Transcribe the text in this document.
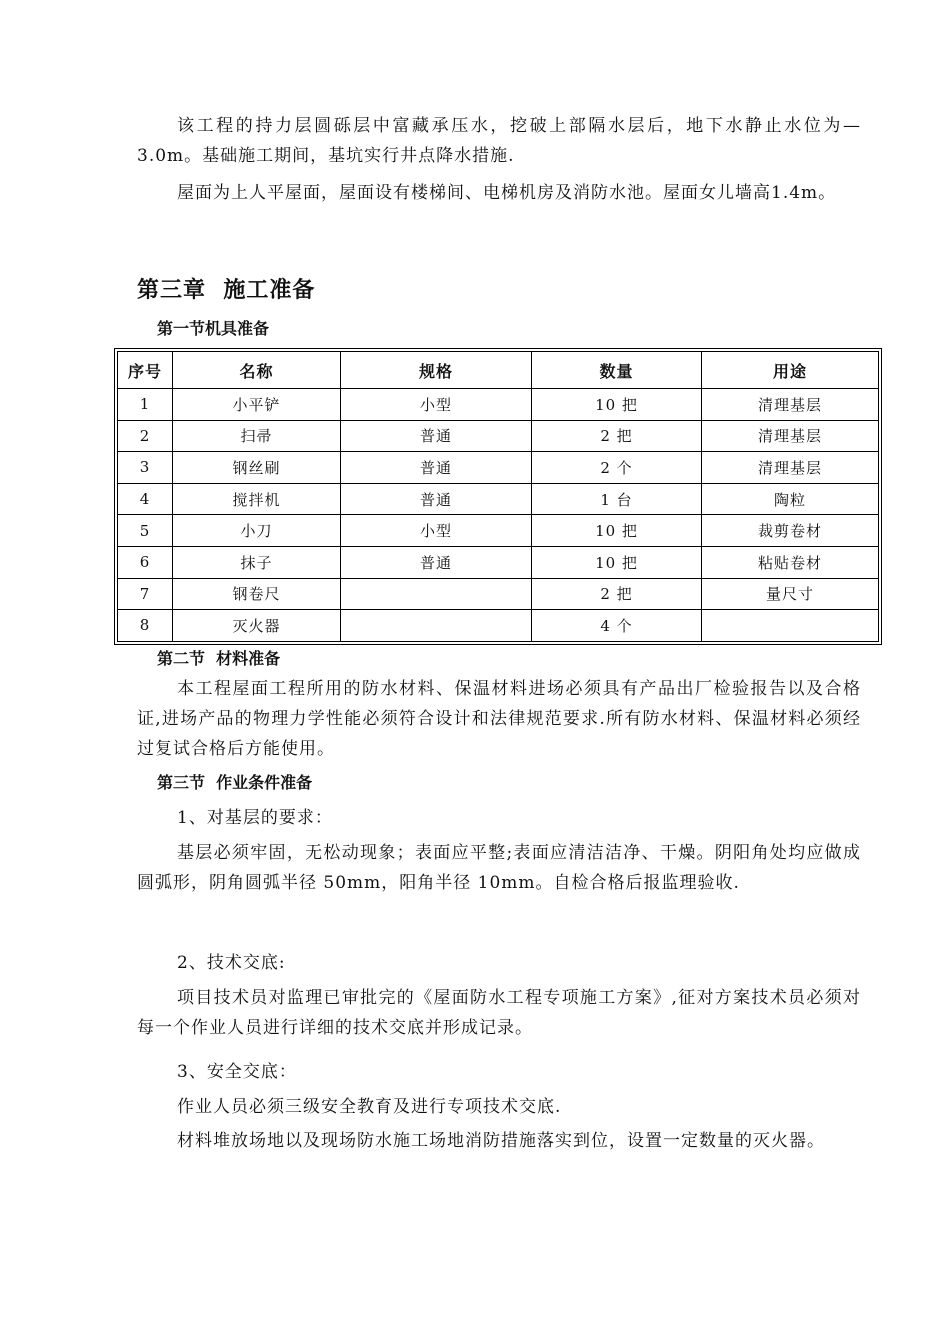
该工程的持力层圆砾层中富藏承压水，挖破上部隔水层后，地下水静止水位为—3.0m。基础施工期间，基坑实行井点降水措施.

屋面为上人平屋面，屋面设有楼梯间、电梯机房及消防水池。屋面女儿墙高1.4m。

第三章  施工准备
第一节机具准备
序号	名称	规格	数量	用途
1	小平铲	小型	10 把	清理基层
2	扫帚	普通	2 把	清理基层
3	钢丝刷	普通	2 个	清理基层
4	搅拌机	普通	1 台	陶粒
5	小刀	小型	10 把	裁剪卷材
6	抹子	普通	10 把	粘贴卷材
7	钢卷尺		2 把	量尺寸
8	灭火器		4 个	
第二节  材料准备

本工程屋面工程所用的防水材料、保温材料进场必须具有产品出厂检验报告以及合格证,进场产品的物理力学性能必须符合设计和法律规范要求.所有防水材料、保温材料必须经过复试合格后方能使用。

第三节  作业条件准备

1、对基层的要求：

基层必须牢固，无松动现象；表面应平整;表面应清洁洁净、干燥。阴阳角处均应做成圆弧形，阴角圆弧半径 50mm，阳角半径 10mm。自检合格后报监理验收.

2、技术交底:

项目技术员对监理已审批完的《屋面防水工程专项施工方案》,征对方案技术员必须对每一个作业人员进行详细的技术交底并形成记录。

3、安全交底：

作业人员必须三级安全教育及进行专项技术交底.

材料堆放场地以及现场防水施工场地消防措施落实到位，设置一定数量的灭火器。
